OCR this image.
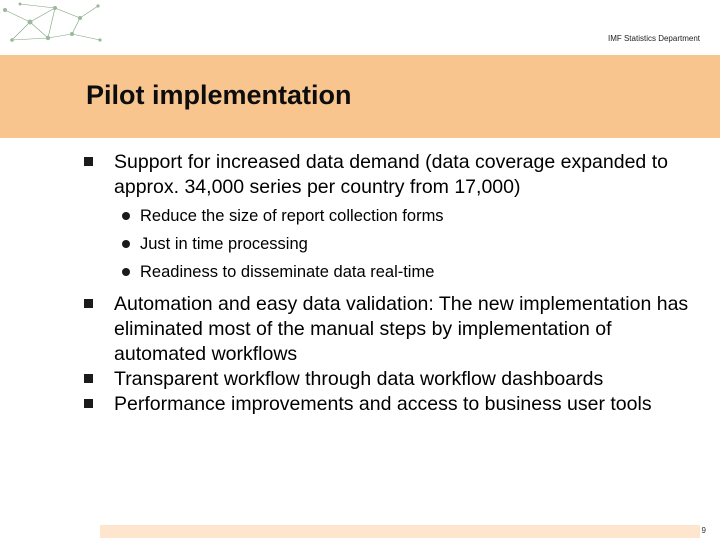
IMF Statistics Department
Pilot implementation
Support for increased data demand (data coverage expanded to approx. 34,000 series per country from 17,000)
Reduce the size of report collection forms
Just in time processing
Readiness to disseminate data real-time
Automation and easy data validation: The new implementation has eliminated most of the manual steps by implementation of automated workflows
Transparent workflow through data workflow dashboards
Performance improvements and access to business user tools
9
